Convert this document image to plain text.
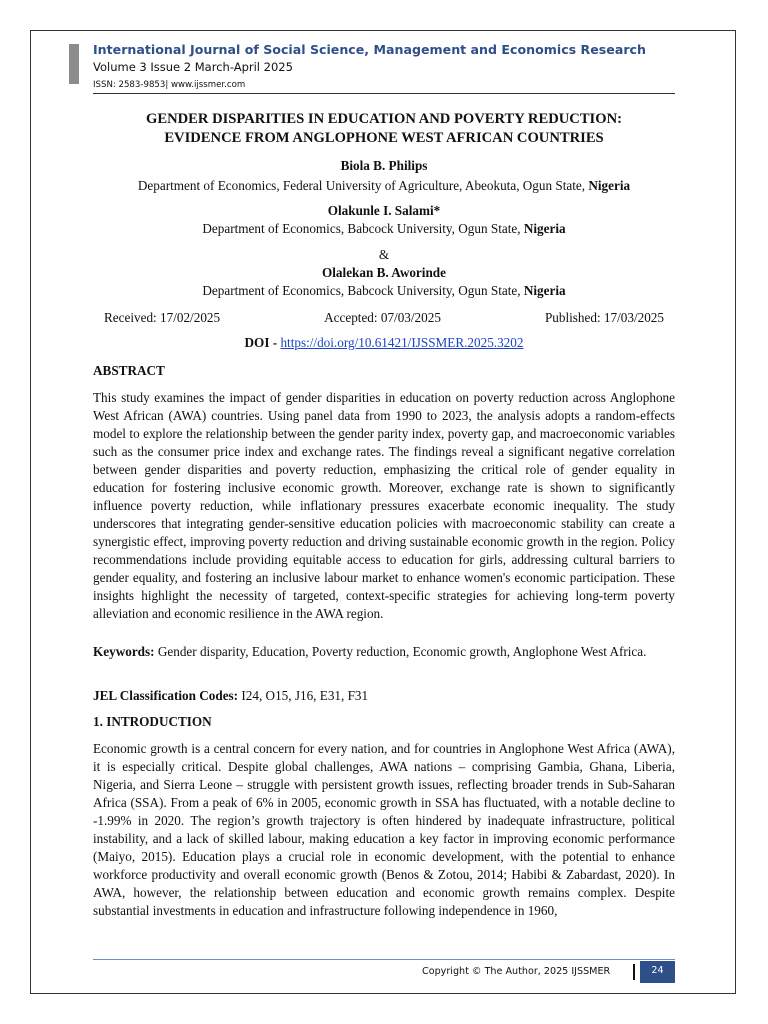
International Journal of Social Science, Management and Economics Research
Volume 3 Issue 2 March-April 2025
ISSN: 2583-9853| www.ijssmer.com
GENDER DISPARITIES IN EDUCATION AND POVERTY REDUCTION:
EVIDENCE FROM ANGLOPHONE WEST AFRICAN COUNTRIES
Biola B. Philips
Department of Economics, Federal University of Agriculture, Abeokuta, Ogun State, Nigeria
Olakunle I. Salami*
Department of Economics, Babcock University, Ogun State, Nigeria
&
Olalekan B. Aworinde
Department of Economics, Babcock University, Ogun State, Nigeria
Received: 17/02/2025	Accepted: 07/03/2025	Published: 17/03/2025
DOI - https://doi.org/10.61421/IJSSMER.2025.3202
ABSTRACT
This study examines the impact of gender disparities in education on poverty reduction across Anglophone West African (AWA) countries. Using panel data from 1990 to 2023, the analysis adopts a random-effects model to explore the relationship between the gender parity index, poverty gap, and macroeconomic variables such as the consumer price index and exchange rates. The findings reveal a significant negative correlation between gender disparities and poverty reduction, emphasizing the critical role of gender equality in education for fostering inclusive economic growth. Moreover, exchange rate is shown to significantly influence poverty reduction, while inflationary pressures exacerbate economic inequality. The study underscores that integrating gender-sensitive education policies with macroeconomic stability can create a synergistic effect, improving poverty reduction and driving sustainable economic growth in the region. Policy recommendations include providing equitable access to education for girls, addressing cultural barriers to gender equality, and fostering an inclusive labour market to enhance women's economic participation. These insights highlight the necessity of targeted, context-specific strategies for achieving long-term poverty alleviation and economic resilience in the AWA region.
Keywords: Gender disparity, Education, Poverty reduction, Economic growth, Anglophone West Africa.
JEL Classification Codes: I24, O15, J16, E31, F31
1. INTRODUCTION
Economic growth is a central concern for every nation, and for countries in Anglophone West Africa (AWA), it is especially critical. Despite global challenges, AWA nations – comprising Gambia, Ghana, Liberia, Nigeria, and Sierra Leone – struggle with persistent growth issues, reflecting broader trends in Sub-Saharan Africa (SSA). From a peak of 6% in 2005, economic growth in SSA has fluctuated, with a notable decline to -1.99% in 2020. The region’s growth trajectory is often hindered by inadequate infrastructure, political instability, and a lack of skilled labour, making education a key factor in improving economic performance (Maiyo, 2015). Education plays a crucial role in economic development, with the potential to enhance workforce productivity and overall economic growth (Benos & Zotou, 2014; Habibi & Zabardast, 2020). In AWA, however, the relationship between education and economic growth remains complex. Despite substantial investments in education and infrastructure following independence in 1960,
Copyright © The Author, 2025 IJSSMER	24
